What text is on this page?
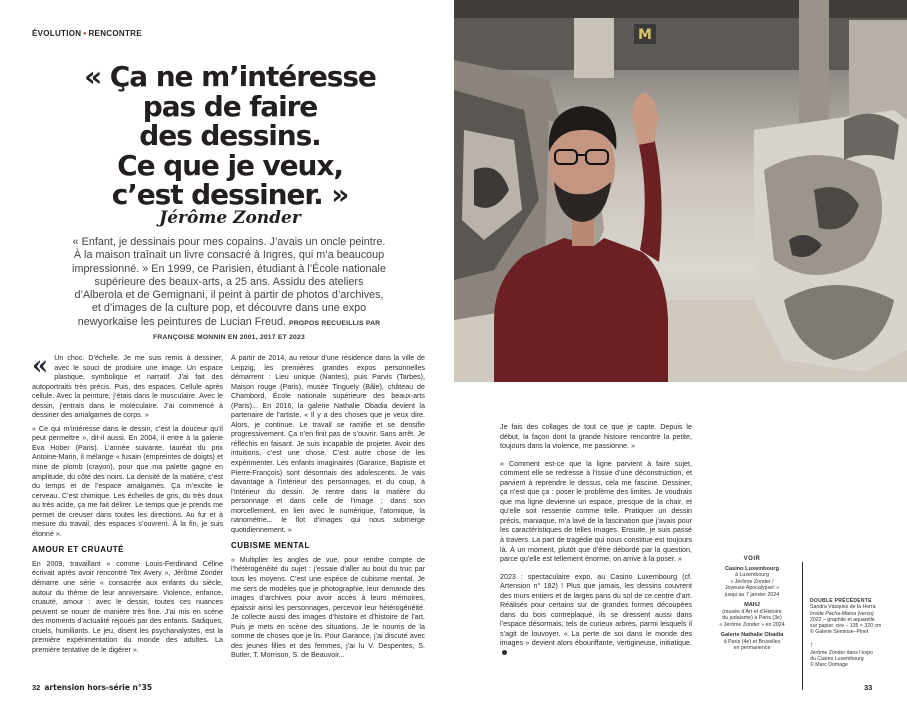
ÉVOLUTION • RENCONTRE
« Ça ne m’intéresse
pas de faire
des dessins.
Ce que je veux,
c’est dessiner. »
Jérôme Zonder
« Enfant, je dessinais pour mes copains. J’avais un oncle peintre. À la maison traînait un livre consacré à Ingres, qui m’a beaucoup impressionné. » En 1999, ce Parisien, étudiant à l’École nationale supérieure des beaux-arts, a 25 ans. Assidu des ateliers d’Alberola et de Gemignani, il peint à partir de photos d’archives, et d’images de la culture pop, et découvre dans une expo newyorkaise les peintures de Lucian Freud. PROPOS RECUEILLIS PAR FRANÇOISE MONNIN EN 2001, 2017 ET 2023

« Un choc. D’échelle. Je me suis remis à dessiner, avec le souci de produire une image. Un espace plastique, symbolique et narratif. J’ai fait des autoportraits très précis. Puis, des espaces. Cellule après cellule. Avec la peinture, j’étais dans le musculaire. Avec le dessin, j’entrais dans le moléculaire. J’ai commencé à dessiner des amalgames de corps. »

« Ce qui m’intéresse dans le dessin, c’est la douceur qu’il peut permettre », dit-il aussi. En 2004, il entre à la galerie Eva Hober (Paris). L’année suivante, lauréat du prix Antoine-Marin, il mélange « fusain (empreintes de doigts) et mine de plomb (crayon), pour que ma palette gagne en amplitude, du côté des noirs. La densité de la matière, c’est du temps et de l’espace amalgamés. Ça m’excite le cerveau. C’est chimique. Les échelles de gris, du très doux au très acide, ça me fait délirer. Le temps que je prends me permet de creuser dans toutes les directions. Au fur et à mesure du travail, des espaces s’ouvrent. À la fin, je suis étonné ».

AMOUR ET CRUAUTÉ

En 2009, travaillant « comme Louis-Ferdinand Céline écrivait après avoir rencontré Tex Avery », Jérôme Zonder démarre une série « consacrée aux enfants du siècle, autour du thème de leur anniversaire. Violence, enfance, cruauté, amour : avec le dessin, toutes ces nuances peuvent se nouer de manière très fine. J’ai mis en scène des moments d’actualité rejoués par des enfants. Sadiques, cruels, humiliants. Le jeu, disent les psychanalystes, est la première expérimentation du monde des adultes. La première tentative de le digérer ».

À partir de 2014, au retour d’une résidence dans la ville de Leipzig, les premières grandes expos personnelles démarrent : Lieu unique (Nantes), puis Parvis (Tarbes), Maison rouge (Paris), musée Tinguely (Bâle), château de Chambord, École nationale supérieure des beaux-arts (Paris)... En 2016, la galerie Nathalie Obadia devient la partenaire de l’artiste. « Il y a des choses que je veux dire. Alors, je continue. Le travail se ramifie et se densifie progressivement. Ça n’en finit pas de s’ouvrir. Sans arrêt. Je réfléchis en faisant. Je suis incapable de projeter. Avoir des intuitions, c’est une chose. C’est autre chose de les expérimenter. Les enfants imaginaires (Garance, Baptiste et Pierre-François) sont désormais des adolescents. Je vais davantage à l’intérieur des personnages, et du coup, à l’intérieur du dessin. Je rentre dans la matière du personnage et dans celle de l’image ; dans son morcellement, en lien avec le numérique, l’atomique, la nanométrie... le flot d’images qui nous submerge quotidiennement. »

CUBISME MENTAL

« Multiplier les angles de vue, pour rendre compte de l’hétérogénéité du sujet : j’essaie d’aller au bout du truc par tous les moyens. C’est une espèce de cubisme mental. Je me sers de modèles que je photographie, leur demande des images d’archives pour avoir accès à leurs mémoires, épaissir ainsi les personnages, percevoir leur hétérogénéité. Je collecte aussi des images d’histoire et d’histoire de l’art. Puis je mets en scène des situations. Je le nourris de la somme de choses que je lis. Pour Garance, j’ai discuté avec des jeunes filles et des femmes, j’ai lu V. Despentes, S. Butler, T. Morrison, S. de Beauvoir...

32 artension hors-série n°35
M

Je fais des collages de tout ce que je capte. Depuis le début, la façon dont la grande histoire rencontre la petite, toujours dans la violence, me passionne. »

« Comment est-ce que la ligne parvient à faire sujet, comment elle se redresse à l’issue d’une déconstruction, et parvient à reprendre le dessus, cela me fascine. Dessiner, ça n’est que ça : poser le problème des limites. Je voudrais que ma ligne devienne un espace, presque de la chair, et qu’elle soit ressentie comme telle. Pratiquer un dessin précis, maniaque, m’a lavé de la fascination que j’avais pour les caractéristiques de telles images. Ensuite, je suis passé à travers. La part de tragédie qui nous constitue est toujours là. À un moment, plutôt que d’être débordé par la question, parce qu’elle est tellement énorme, on arrive à la poser. »

2023 : spectaculaire expo, au Casino Luxembourg (cf. Artension n° 182) ! Plus que jamais, les dessins couvrent des murs entiers et de larges pans du sol de ce centre d’art. Réalisés pour certains sur de grandes formes découpées dans du bois contreplaqué, ils se dressent aussi dans l’espace désormais, tels de curieux arbres, parmi lesquels il s’agit de louvoyer. « La perte de soi dans le monde des images » devient alors ébouriffante, vertigineuse, initiatique.

VOIR
Casino Luxembourg
à Luxembourg
« Jérôme Zonder /
Joyeuse Apocalypse! »
jusqu’au 7 janvier 2024
MAHJ
(musée d’Art et d’Histoire
du judaïsme) à Paris (3e)
« Jérôme Zonder » en 2024
Galerie Nathalie Obadia
à Paris (4e) et Bruxelles
en permanence
DOUBLE PRÉCÉDENTE
Sandra Vásquez de la Horra
Inside Pacha-Mama (verso)
2022 – graphite et aquarelle
sur papier, cire – 135 × 320 cm
© Galerie Semiose–Pinet
↑
Jérôme Zonder dans l’expo
du Casino Luxembourg
© Marc Domage
33
